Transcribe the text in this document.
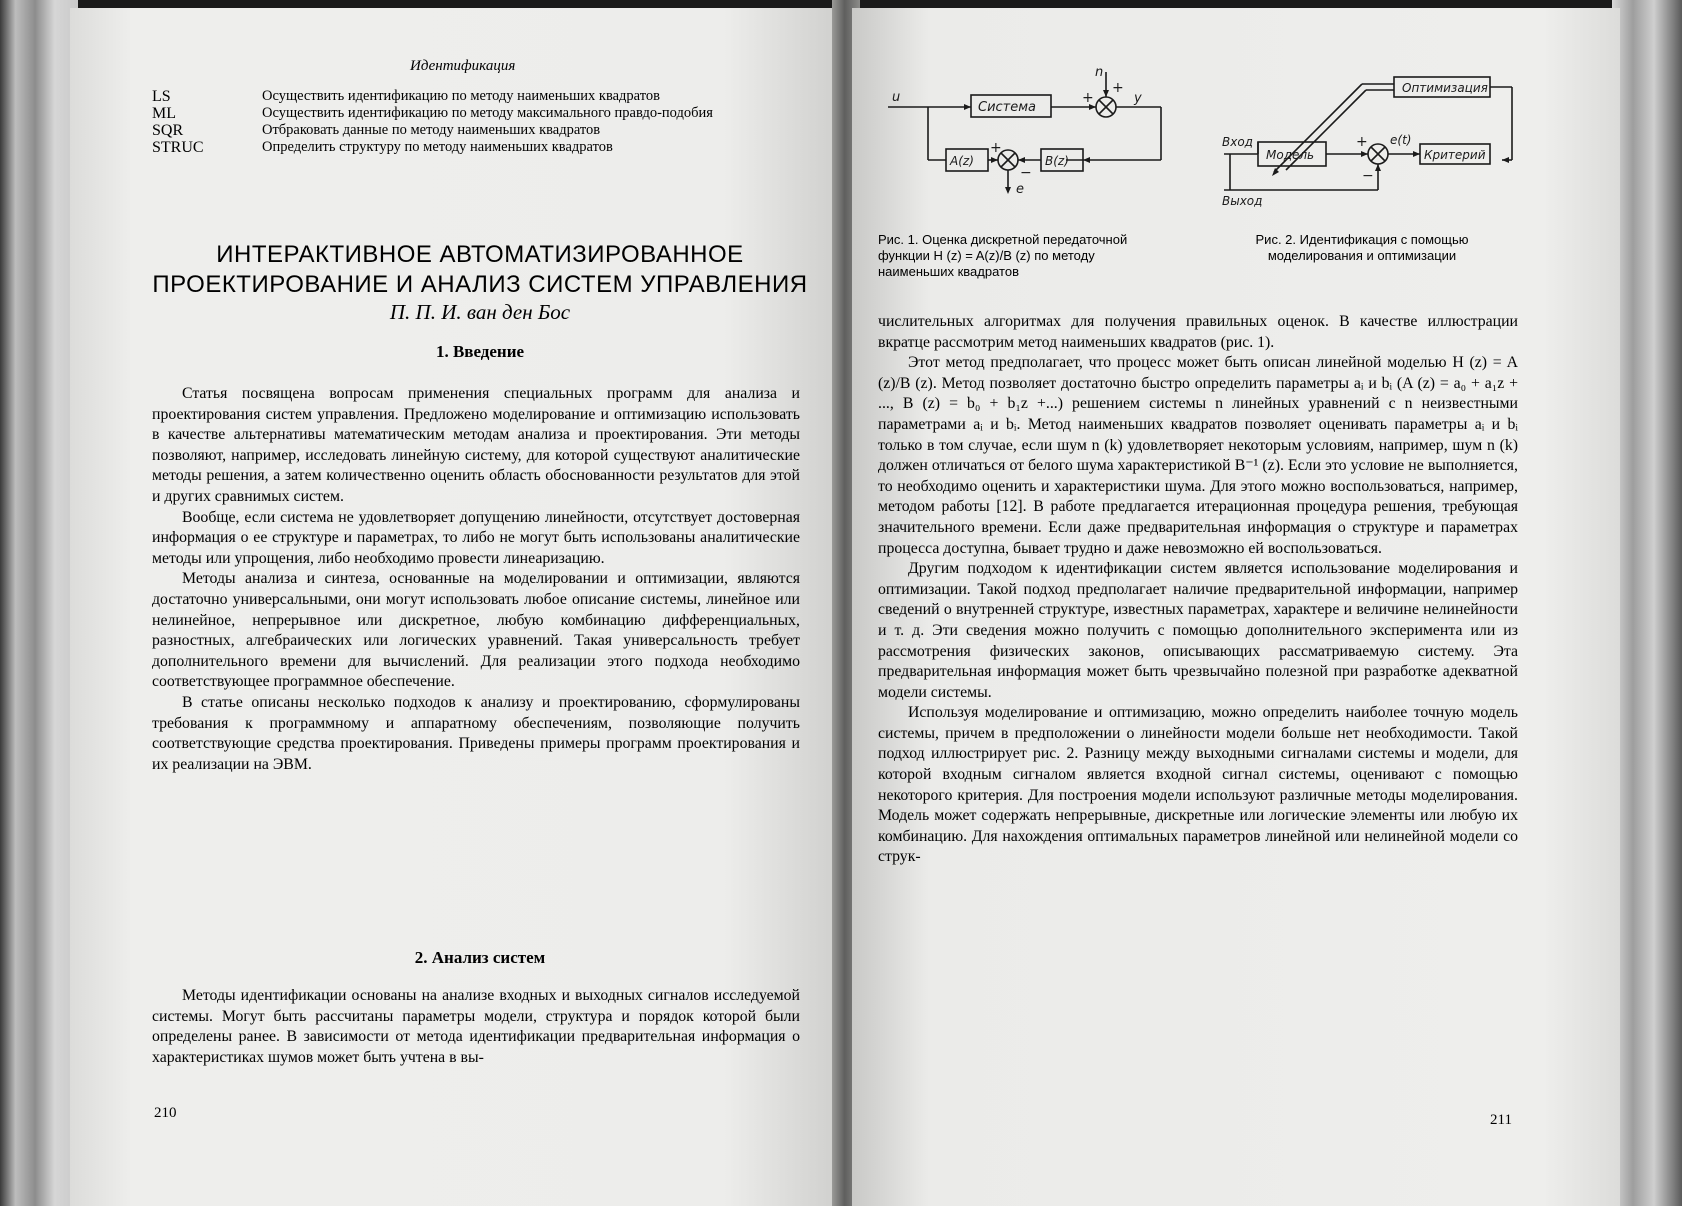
Идентификация
LS	Осуществить идентификацию по методу наименьших квадратов
ML	Осуществить идентификацию по методу максимального правдо-подобия
SQR	Отбраковать данные по методу наименьших квадратов
STRUC	Определить структуру по методу наименьших квадратов
ИНТЕРАКТИВНОЕ АВТОМАТИЗИРОВАННОЕ
ПРОЕКТИРОВАНИЕ И АНАЛИЗ СИСТЕМ УПРАВЛЕНИЯ
П. П. И. ван ден Бос
1. Введение

Статья посвящена вопросам применения специальных программ для анализа и проектирования систем управления. Предложено моделирование и оптимизацию использовать в качестве альтернативы математическим методам анализа и проектирования. Эти методы позволяют, например, исследовать линейную систему, для которой существуют аналитические методы решения, а затем количественно оценить область обоснованности результатов для этой и других сравнимых систем.

Вообще, если система не удовлетворяет допущению линейности, отсутствует достоверная информация о ее структуре и параметрах, то либо не могут быть использованы аналитические методы или упрощения, либо необходимо провести линеаризацию.

Методы анализа и синтеза, основанные на моделировании и оптимизации, являются достаточно универсальными, они могут использовать любое описание системы, линейное или нелинейное, непрерывное или дискретное, любую комбинацию дифференциальных, разностных, алгебраических или логических уравнений. Такая универсальность требует дополнительного времени для вычислений. Для реализации этого подхода необходимо соответствующее программное обеспечение.

В статье описаны несколько подходов к анализу и проектированию, сформулированы требования к программному и аппаратному обеспечениям, позволяющие получить соответствующие средства проектирования. Приведены примеры программ проектирования и их реализации на ЭВМ.

2. Анализ систем

Методы идентификации основаны на анализе входных и выходных сигналов исследуемой системы. Могут быть рассчитаны параметры модели, структура и порядок которой были определены ранее. В зависимости от метода идентификации предварительная информация о характеристиках шумов может быть учтена в вы-

210
u
n
+
+	y
Система
A(z)	B(z)
+
−
e
Рис. 1. Оценка дискретной передаточной функции H (z) = A(z)/B (z) по методу наименьших квадратов
Оптимизация
Вход
Модель
+ e(t)
Критерий
−
Выход
Рис. 2. Идентификация с помощью моделирования и оптимизации

числительных алгоритмах для получения правильных оценок. В качестве иллюстрации вкратце рассмотрим метод наименьших квадратов (рис. 1).

Этот метод предполагает, что процесс может быть описан линейной моделью H (z) = A (z)/B (z). Метод позволяет достаточно быстро определить параметры aᵢ и bᵢ (A (z) = a₀ + a₁z + ..., B (z) = b₀ + b₁z +...) решением системы n линейных уравнений с n неизвестными параметрами aᵢ и bᵢ. Метод наименьших квадратов позволяет оценивать параметры aᵢ и bᵢ только в том случае, если шум n (k) удовлетворяет некоторым условиям, например, шум n (k) должен отличаться от белого шума характеристикой B⁻¹ (z). Если это условие не выполняется, то необходимо оценить и характеристики шума. Для этого можно воспользоваться, например, методом работы [12]. В работе предлагается итерационная процедура решения, требующая значительного времени. Если даже предварительная информация о структуре и параметрах процесса доступна, бывает трудно и даже невозможно ей воспользоваться.

Другим подходом к идентификации систем является использование моделирования и оптимизации. Такой подход предполагает наличие предварительной информации, например сведений о внутренней структуре, известных параметрах, характере и величине нелинейности и т. д. Эти сведения можно получить с помощью дополнительного эксперимента или из рассмотрения физических законов, описывающих рассматриваемую систему. Эта предварительная информация может быть чрезвычайно полезной при разработке адекватной модели системы.

Используя моделирование и оптимизацию, можно определить наиболее точную модель системы, причем в предположении о линейности модели больше нет необходимости. Такой подход иллюстрирует рис. 2. Разницу между выходными сигналами системы и модели, для которой входным сигналом является входной сигнал системы, оценивают с помощью некоторого критерия. Для построения модели используют различные методы моделирования. Модель может содержать непрерывные, дискретные или логические элементы или любую их комбинацию. Для нахождения оптимальных параметров линейной или нелинейной модели со струк-

211
